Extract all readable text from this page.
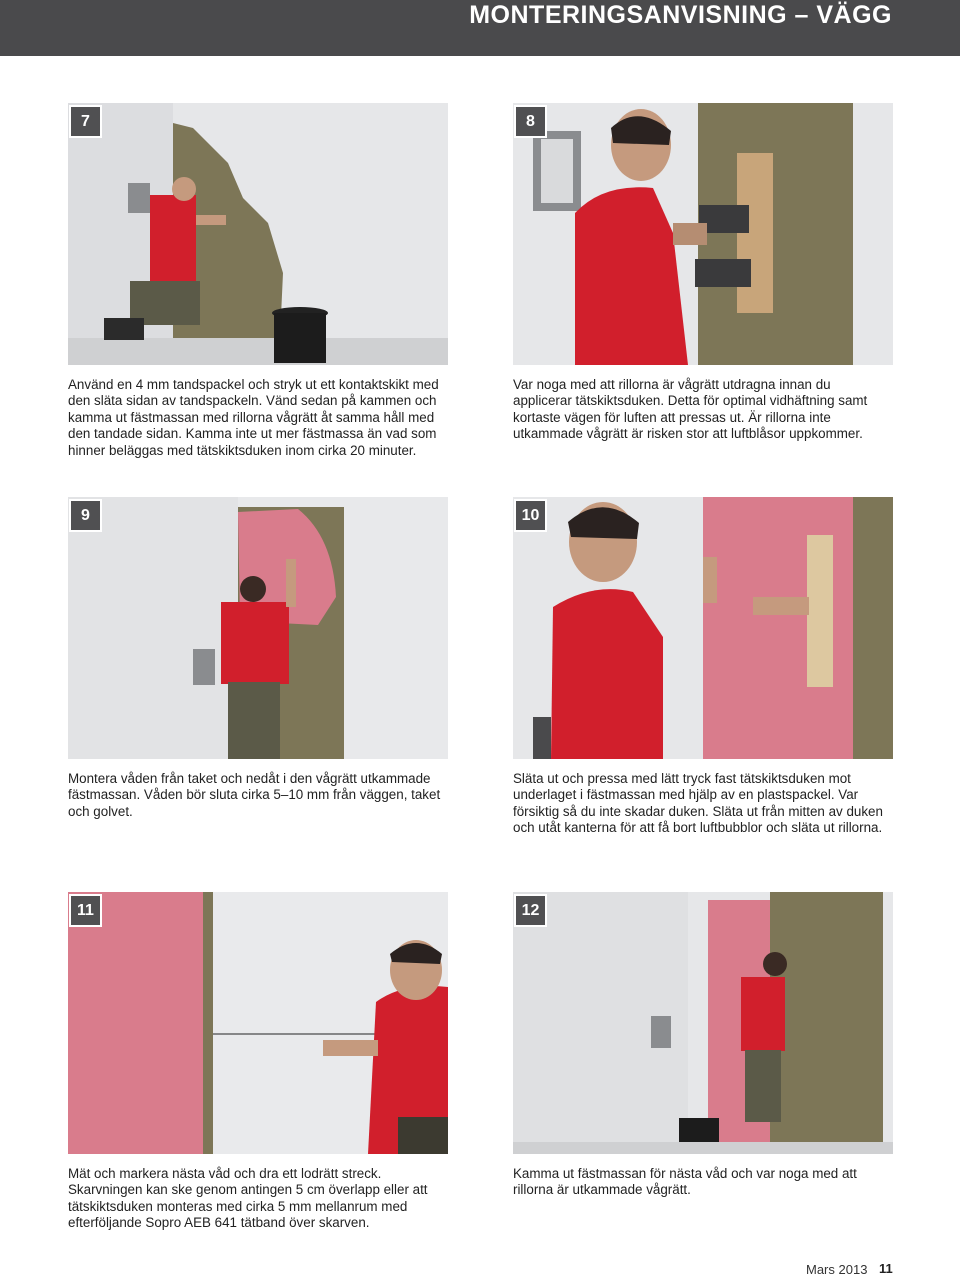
MONTERINGSANVISNING – VÄGG
7
Använd en 4 mm tandspackel och stryk ut ett kontaktskikt med den släta sidan av tandspackeln. Vänd sedan på kammen och kamma ut fästmassan med rillorna vågrätt åt samma håll med den tandade sidan. Kamma inte ut mer fästmassa än vad som hinner beläggas med tätskiktsduken inom cirka 20 minuter.
8
Var noga med att rillorna är vågrätt utdragna innan du applicerar tätskiktsduken. Detta för optimal vidhäftning samt kortaste vägen för luften att pressas ut. Är rillorna inte utkammade vågrätt är risken stor att luftblåsor uppkommer.
9
Montera våden från taket och nedåt i den vågrätt utkammade fästmassan. Våden bör sluta cirka 5–10 mm från väggen, taket och golvet.
10
Släta ut och pressa med lätt tryck fast tätskiktsduken mot underlaget i fästmassan med hjälp av en plastspackel. Var försiktig så du inte skadar duken. Släta ut från mitten av duken och utåt kanterna för att få bort luftbubblor och släta ut rillorna.
11
Mät och markera nästa våd och dra ett lodrätt streck. Skarvningen kan ske genom antingen 5 cm överlapp eller att tätskiktsduken monteras med cirka 5 mm mellanrum med efterföljande Sopro AEB 641 tätband över skarven.
12
Kamma ut fästmassan för nästa våd och var noga med att rillorna är utkammade vågrätt.
Mars 2013 11
